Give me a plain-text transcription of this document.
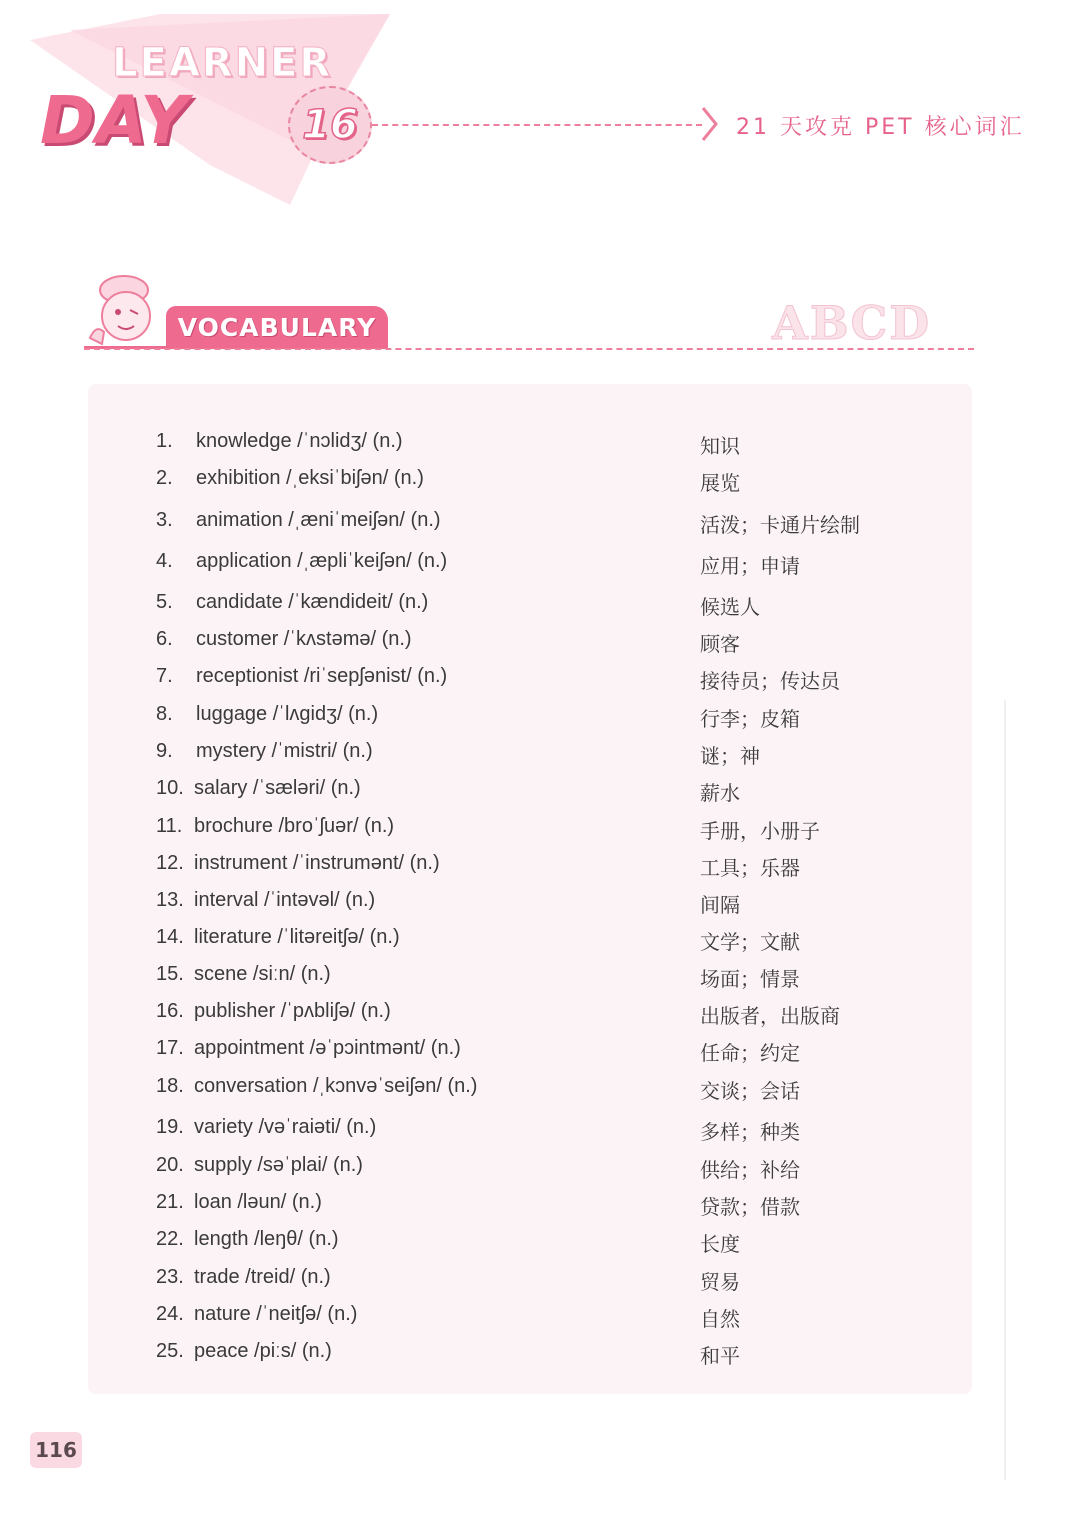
LEARNER
DAY	16	21 天攻克 PET 核心词汇
VOCABULARY	A B C D
1.	knowledge /ˈnɔlidʒ/ (n.)	知识
2.	exhibition /ˌeksiˈbiʃən/ (n.)	展览
3.	animation /ˌæniˈmeiʃən/ (n.)	活泼；卡通片绘制
4.	application /ˌæpliˈkeiʃən/ (n.)	应用；申请
5.	candidate /ˈkændideit/ (n.)	候选人
6.	customer /ˈkʌstəmə/ (n.)	顾客
7.	receptionist /riˈsepʃənist/ (n.)	接待员；传达员
8.	luggage /ˈlʌgidʒ/ (n.)	行李；皮箱
9.	mystery /ˈmistri/ (n.)	谜；神
10. salary /ˈsæləri/ (n.)	薪水
11. brochure /broˈʃuər/ (n.)	手册，小册子
12. instrument /ˈinstrumənt/ (n.)	工具；乐器
13. interval /ˈintəvəl/ (n.)	间隔
14. literature /ˈlitəreitʃə/ (n.)	文学；文献
15. scene /siːn/ (n.)	场面；情景
16. publisher /ˈpʌbliʃə/ (n.)	出版者，出版商
17. appointment /əˈpɔintmənt/ (n.)	任命；约定
18. conversation /ˌkɔnvəˈseiʃən/ (n.)	交谈；会话
19. variety /vəˈraiəti/ (n.)	多样；种类
20. supply /səˈplai/ (n.)	供给；补给
21. loan /ləun/ (n.)	贷款；借款
22. length /leŋθ/ (n.)	长度
23. trade /treid/ (n.)	贸易
24. nature /ˈneitʃə/ (n.)	自然
25. peace /piːs/ (n.)	和平
116
